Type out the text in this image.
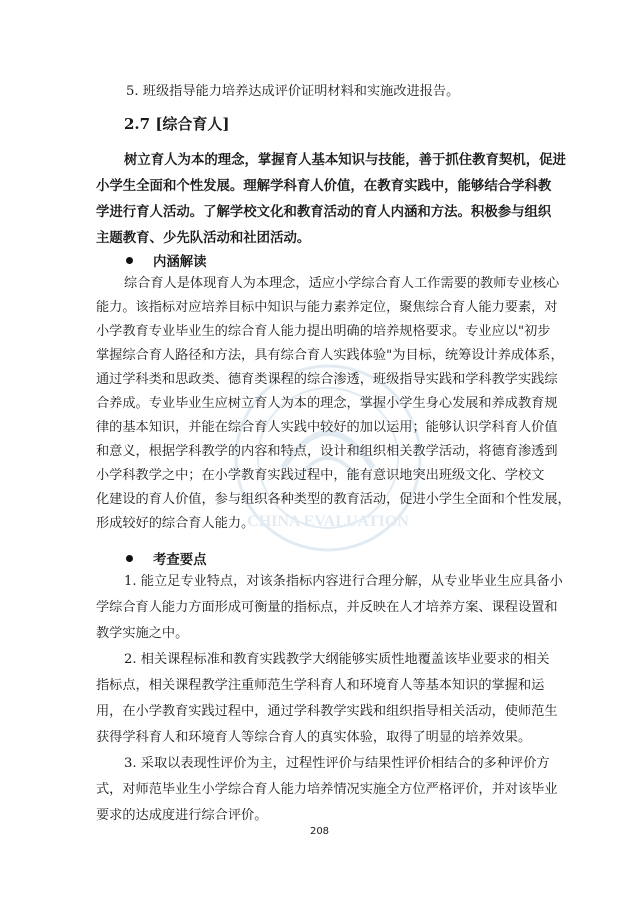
CHINA EVALUATION
5. 班级指导能力培养达成评价证明材料和实施改进报告。
2.7 [综合育人]
树立育人为本的理念，掌握育人基本知识与技能，善于抓住教育契机，促进
小学生全面和个性发展。理解学科育人价值，在教育实践中，能够结合学科教
学进行育人活动。了解学校文化和教育活动的育人内涵和方法。积极参与组织
主题教育、少先队活动和社团活动。
内涵解读
综合育人是体现育人为本理念，适应小学综合育人工作需要的教师专业核心
能力。该指标对应培养目标中知识与能力素养定位，聚焦综合育人能力要素，对
小学教育专业毕业生的综合育人能力提出明确的培养规格要求。专业应以"初步
掌握综合育人路径和方法，具有综合育人实践体验"为目标，统筹设计养成体系，
通过学科类和思政类、德育类课程的综合渗透，班级指导实践和学科教学实践综
合养成。专业毕业生应树立育人为本的理念，掌握小学生身心发展和养成教育规
律的基本知识，并能在综合育人实践中较好的加以运用；能够认识学科育人价值
和意义，根据学科教学的内容和特点，设计和组织相关教学活动，将德育渗透到
小学科教学之中；在小学教育实践过程中，能有意识地突出班级文化、学校文
化建设的育人价值，参与组织各种类型的教育活动，促进小学生全面和个性发展，
形成较好的综合育人能力。
考查要点
1. 能立足专业特点，对该条指标内容进行合理分解，从专业毕业生应具备小
学综合育人能力方面形成可衡量的指标点，并反映在人才培养方案、课程设置和
教学实施之中。
2. 相关课程标准和教育实践教学大纲能够实质性地覆盖该毕业要求的相关
指标点，相关课程教学注重师范生学科育人和环境育人等基本知识的掌握和运
用，在小学教育实践过程中，通过学科教学实践和组织指导相关活动，使师范生
获得学科育人和环境育人等综合育人的真实体验，取得了明显的培养效果。
3. 采取以表现性评价为主，过程性评价与结果性评价相结合的多种评价方
式，对师范毕业生小学综合育人能力培养情况实施全方位严格评价，并对该毕业
要求的达成度进行综合评价。
208
